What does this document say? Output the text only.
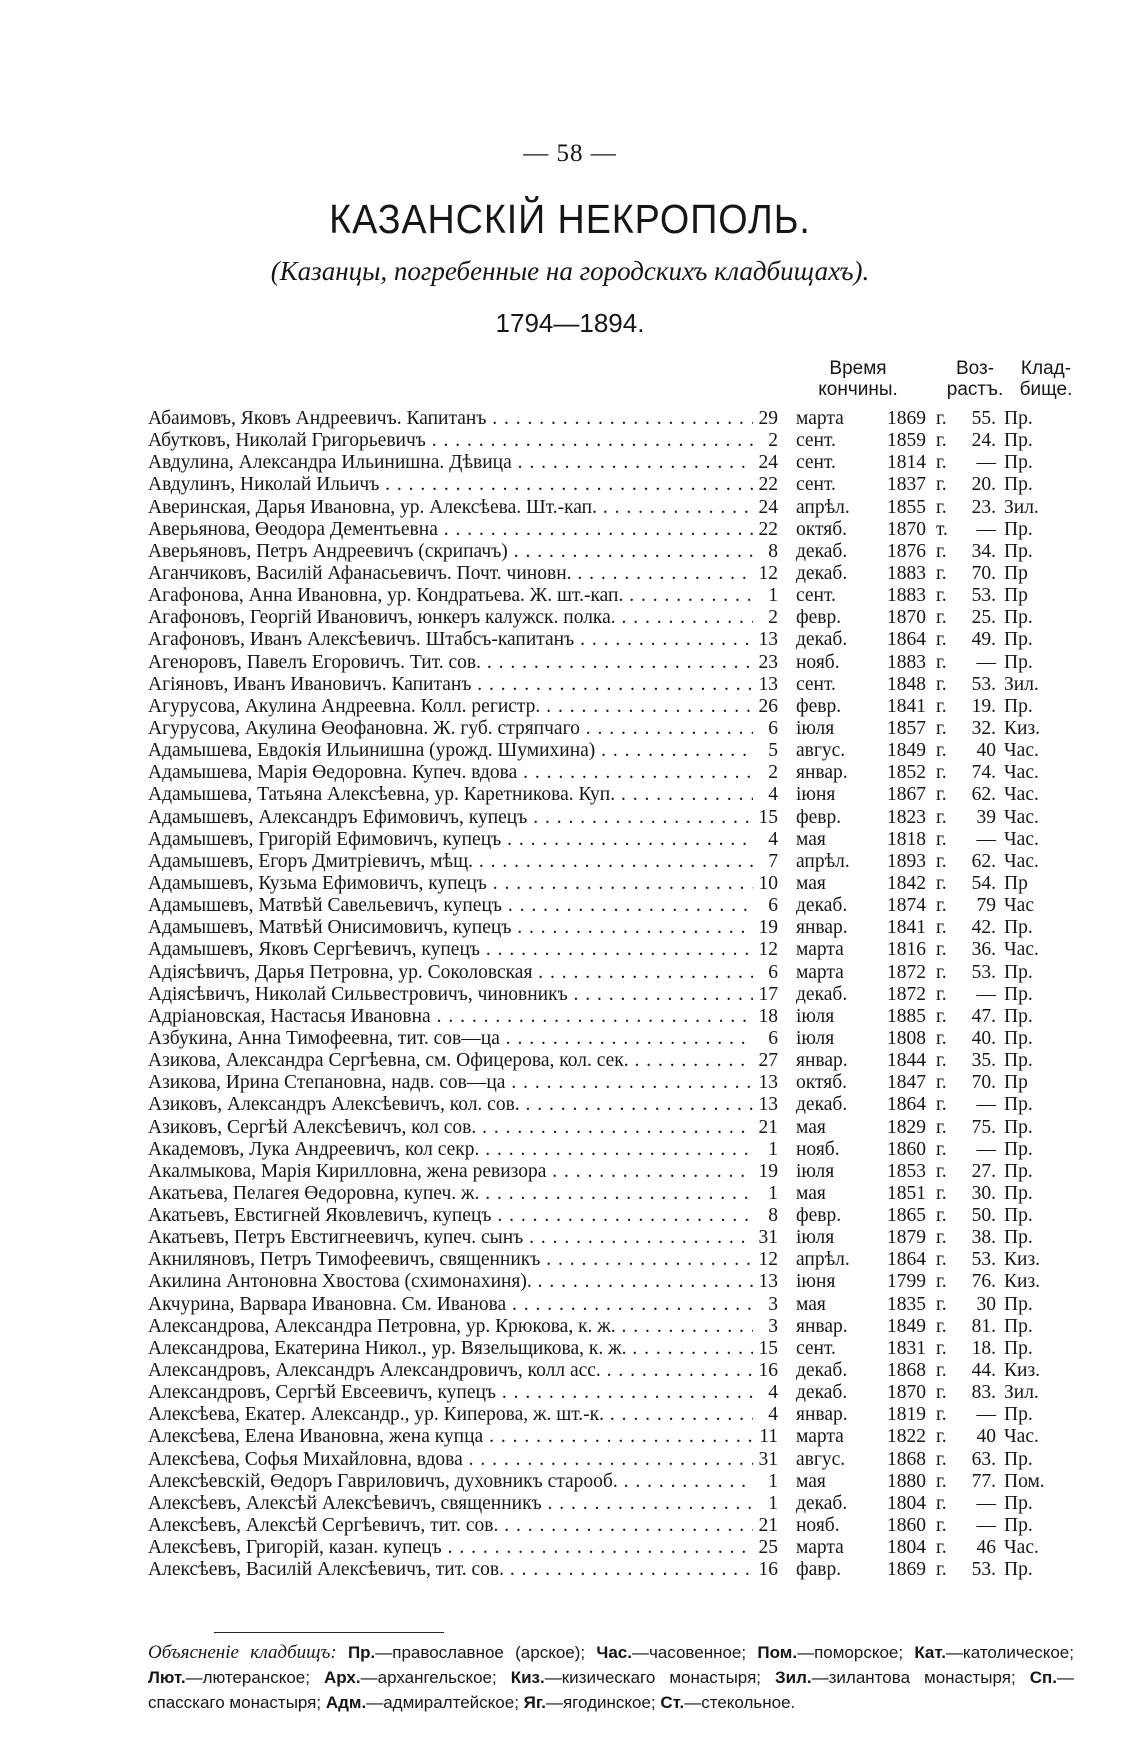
— 58 —
КАЗАНСКIЙ НЕКРОПОЛЬ.
(Казанцы, погребенные на городскихъ кладбищахъ).
1794—1894.
Время кончины.
Воз- растъ.
Клад- бище.
Абаимовъ, Яковъ Андреевичъ. Капитанъ . . .	29 марта	1869 г.	55. Пр.
Абутковъ, Николай Григорьевичъ . . .	2 сент.	1859 г.	24. Пр.
Авдулина, Александра Ильинишна. Дѣвица . . .	24 сент.	1814 г.	— Пр.
Авдулинъ, Николай Ильичъ . . .	22 сент.	1837 г.	20. Пр.
Аверинская, Дарья Ивановна, ур. Алексѣева. Шт.-кап. . . .	24 апрѣл.	1855 г.	23. Зил.
Аверьянова, Өеодора Дементьевна . . .	22 октяб.	1870 т.	— Пр.
Аверьяновъ, Петръ Андреевичъ (скрипачъ) . . .	8 декаб.	1876 г.	34. Пр.
Аганчиковъ, Василiй Афанасьевичъ. Почт. чиновн. . . .	12 декаб.	1883 г.	70. Пр
Агафонова, Анна Ивановна, ур. Кондратьева. Ж. шт.-кап. . . .	1 сент.	1883 г.	53. Пр
Агафоновъ, Георгiй Ивановичъ, юнкеръ калужск. полка. . . .	2 февр.	1870 г.	25. Пр.
Агафоновъ, Иванъ Алексѣевичъ. Штабсъ-капитанъ . . .	13 декаб.	1864 г.	49. Пр.
Агеноровъ, Павелъ Егоровичъ. Тит. сов. . . .	23 нояб.	1883 г.	— Пр.
Агiяновъ, Иванъ Ивановичъ. Капитанъ . . .	13 сент.	1848 г.	53. Зил.
Агурусова, Акулина Андреевна. Колл. регистр. . . .	26 февр.	1841 г.	19. Пр.
Агурусова, Акулина Өеофановна. Ж. губ. стряпчаго . . .	6 iюля	1857 г.	32. Киз.
Адамышева, Евдокiя Ильинишна (урожд. Шумихина) . . .	5 авгус.	1849 г.	40 Час.
Адамышева, Марiя Өедоровна. Купеч. вдова . . .	2 январ.	1852 г.	74. Час.
Адамышева, Татьяна Алексѣевна, ур. Каретникова. Куп. . . .	4 iюня	1867 г.	62. Час.
Адамышевъ, Александръ Ефимовичъ, купецъ . . .	15 февр.	1823 г.	39 Час.
Адамышевъ, Григорiй Ефимовичъ, купецъ . . .	4 мая	1818 г.	— Час.
Адамышевъ, Егоръ Дмитрiевичъ, мѣщ. . . .	7 апрѣл.	1893 г.	62. Час.
Адамышевъ, Кузьма Ефимовичъ, купецъ . . .	10 мая	1842 г.	54. Пр
Адамышевъ, Матвѣй Савельевичъ, купецъ . . .	6 декаб.	1874 г.	79 Час
Адамышевъ, Матвѣй Онисимовичъ, купецъ . . .	19 январ.	1841 г.	42. Пр.
Адамышевъ, Яковъ Сергѣевичъ, купецъ . . .	12 марта	1816 г.	36. Час.
Адiясѣвичъ, Дарья Петровна, ур. Соколовская . . .	6 марта	1872 г.	53. Пр.
Адiясѣвичъ, Николай Сильвестровичъ, чиновникъ . . .	17 декаб.	1872 г.	— Пр.
Адрiановская, Настасья Ивановна . . .	18 iюля	1885 г.	47. Пр.
Азбукина, Анна Тимофеевна, тит. сов—ца . . .	6 iюля	1808 г.	40. Пр.
Азикова, Александра Сергѣевна, см. Офицерова, кол. сек. . . .	27 январ.	1844 г.	35. Пр.
Азикова, Ирина Степановна, надв. сов—ца . . .	13 октяб.	1847 г.	70. Пр
Азиковъ, Александръ Алексѣевичъ, кол. сов. . . .	13 декаб.	1864 г.	— Пр.
Азиковъ, Сергѣй Алексѣевичъ, кол сов. . . .	21 мая	1829 г.	75. Пр.
Академовъ, Лука Андреевичъ, кол секр. . . .	1 нояб.	1860 г.	— Пр.
Акалмыкова, Марiя Кирилловна, жена ревизора . . .	19 iюля	1853 г.	27. Пр.
Акатьева, Пелагея Өедоровна, купеч. ж. . . .	1 мая	1851 г.	30. Пр.
Акатьевъ, Евстигней Яковлевичъ, купецъ . . .	8 февр.	1865 г.	50. Пр.
Акатьевъ, Петръ Евстигнеевичъ, купеч. сынъ . . .	31 iюля	1879 г.	38. Пр.
Акниляновъ, Петръ Тимофеевичъ, священникъ . . .	12 апрѣл.	1864 г.	53. Киз.
Акилина Антоновна Хвостова (схимонахиня). . . .	13 iюня	1799 г.	76. Киз.
Акчурина, Варвара Ивановна. См. Иванова . . .	3 мая	1835 г.	30 Пр.
Александрова, Александра Петровна, ур. Крюкова, к. ж. . . .	3 январ.	1849 г.	81. Пр.
Александрова, Екатерина Никол., ур. Вязельщикова, к. ж. . . .	15 сент.	1831 г.	18. Пр.
Александровъ, Александръ Александровичъ, колл асс. . . .	16 декаб.	1868 г.	44. Киз.
Александровъ, Сергѣй Евсеевичъ, купецъ . . .	4 декаб.	1870 г.	83. Зил.
Алексѣева, Екатер. Александр., ур. Киперова, ж. шт.-к. . . .	4 январ.	1819 г.	— Пр.
Алексѣева, Елена Ивановна, жена купца . . .	11 марта	1822 г.	40 Час.
Алексѣева, Софья Михайловна, вдова . . .	31 авгус.	1868 г.	63. Пр.
Алексѣевскiй, Өедоръ Гавриловичъ, духовникъ староoб. . . .	1 мая	1880 г.	77. Пом.
Алексѣевъ, Алексѣй Алексѣевичъ, священникъ . . .	1 декаб.	1804 г.	— Пр.
Алексѣевъ, Алексѣй Сергѣевичъ, тит. сов. . . .	21 нояб.	1860 г.	— Пр.
Алексѣевъ, Григорiй, казан. купецъ . . .	25 марта	1804 г.	46 Час.
Алексѣевъ, Василiй Алексѣевичъ, тит. сов. . . .	16 фавр.	1869 г.	53. Пр.
Объясненiе кладбищъ: Пр.—православное (арское); Час.—часовенное; Пом.—поморское; Кат.—католическое; Лют.—лютеранское; Арх.—архангельское; Киз.—кизическаго монастыря; Зил.—зилантова монастыря; Сп.—спасскаго монастыря; Адм.—адмиралтейское; Яг.—ягодинское; Ст.—стекольное.
